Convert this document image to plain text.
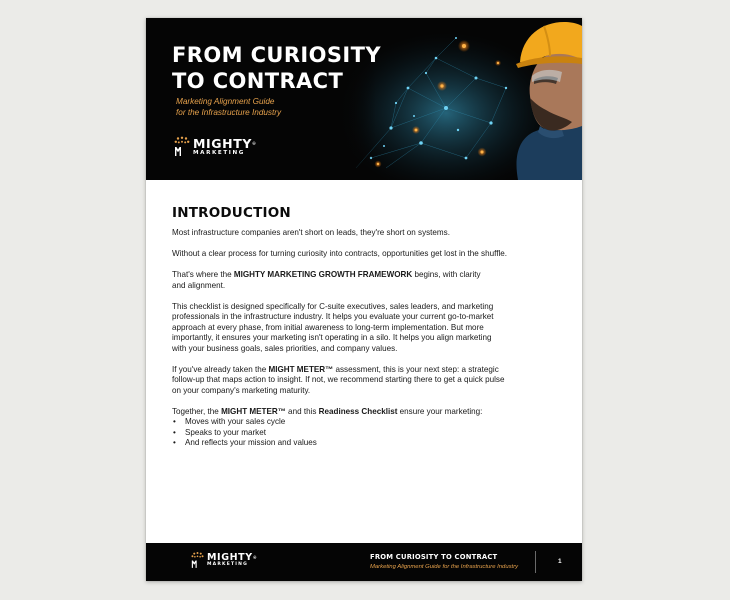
FROM CURIOSITY
TO CONTRACT
Marketing Alignment Guide
for the Infrastructure Industry
MIGHTY®
MARKETING
INTRODUCTION

Most infrastructure companies aren't short on leads, they're short on systems.

Without a clear process for turning curiosity into contracts, opportunities get lost in the shuffle.

That's where the MIGHTY MARKETING GROWTH FRAMEWORK begins, with clarity
and alignment.

This checklist is designed specifically for C-suite executives, sales leaders, and marketing
professionals in the infrastructure industry. It helps you evaluate your current go-to-market
approach at every phase, from initial awareness to long-term implementation. But more
importantly, it ensures your marketing isn't operating in a silo. It helps you align marketing
with your business goals, sales priorities, and company values.

If you've already taken the MIGHT METER™ assessment, this is your next step: a strategic
follow-up that maps action to insight. If not, we recommend starting there to get a quick pulse
on your company's marketing maturity.

Together, the MIGHT METER™ and this Readiness Checklist ensure your marketing:

• Moves with your sales cycle
• Speaks to your market
• And reflects your mission and values
MIGHTY®
MARKETING
FROM CURIOSITY TO CONTRACT
Marketing Alignment Guide for the Infrastructure Industry
1
